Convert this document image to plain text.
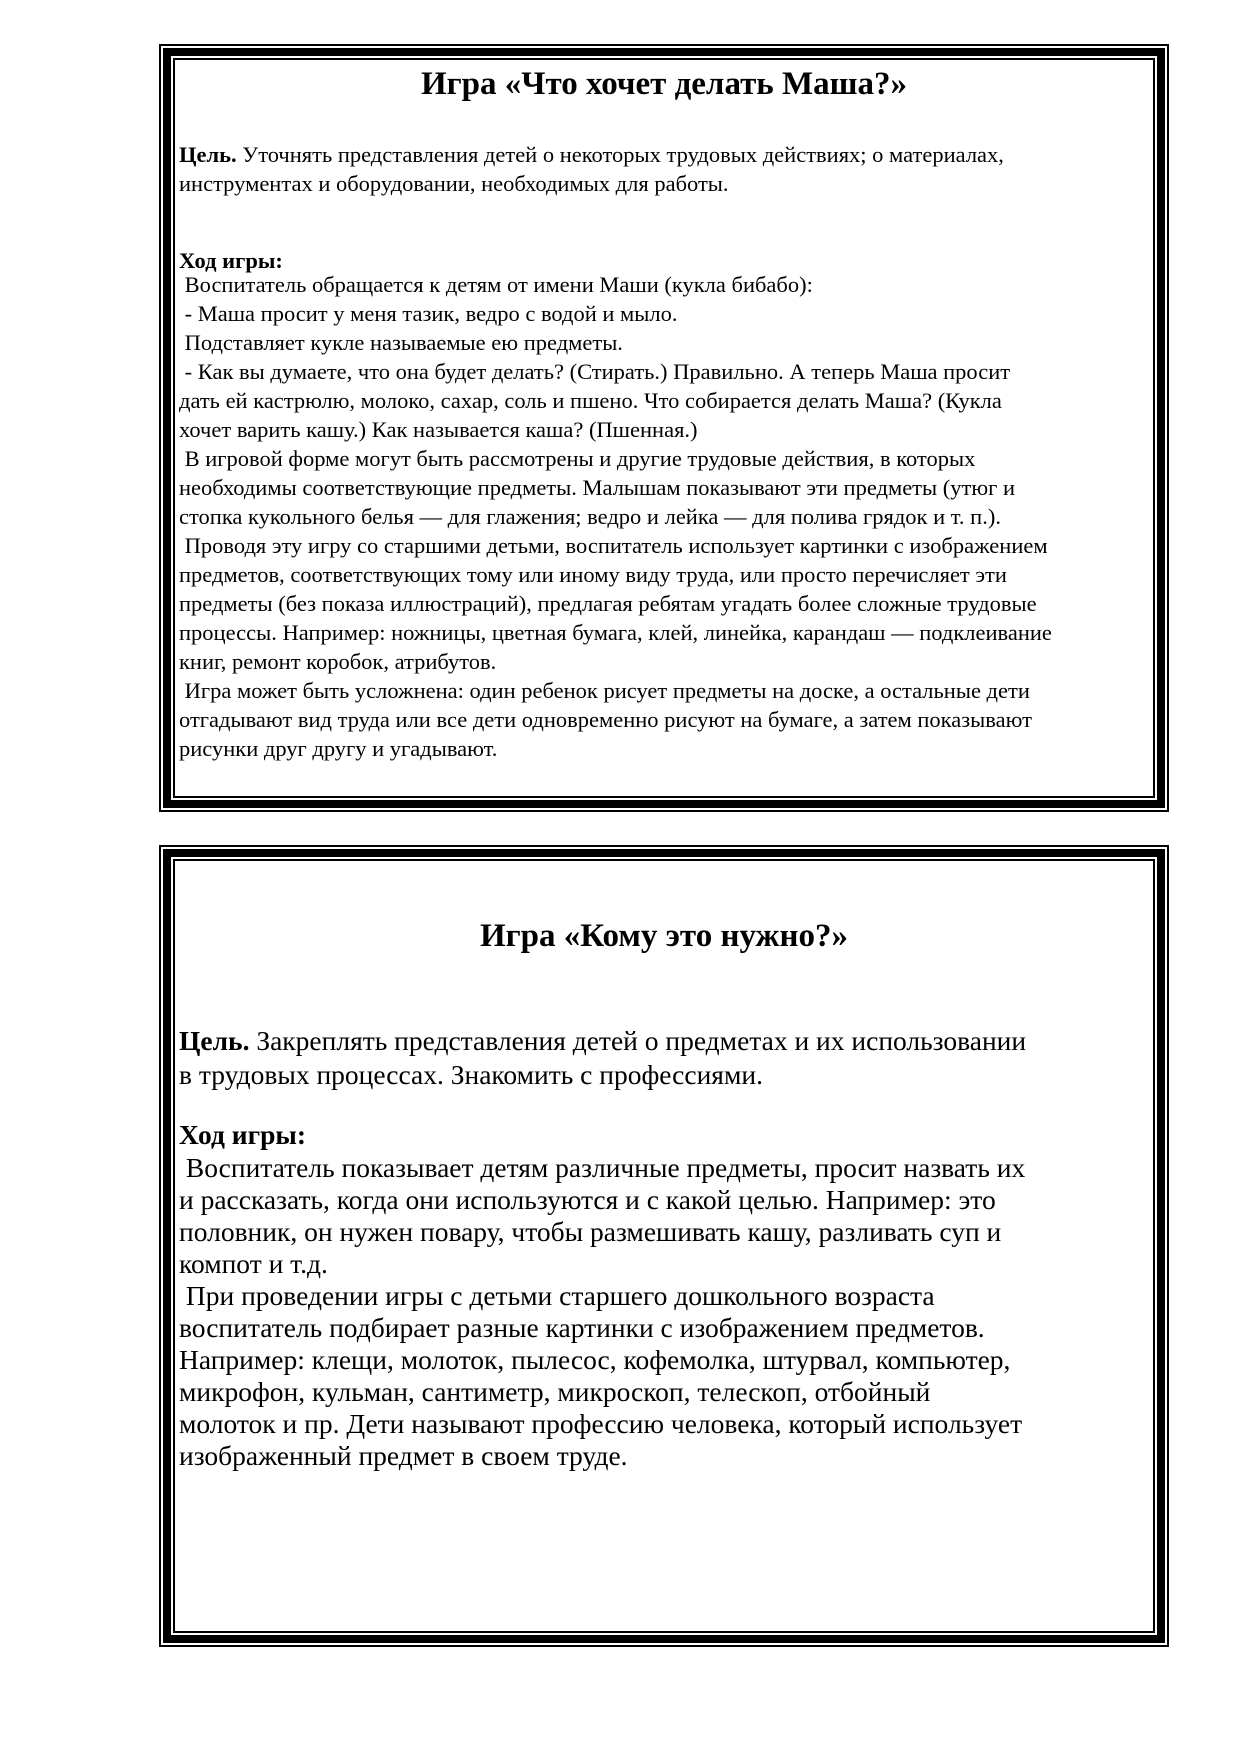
Игра «Что хочет делать Маша?»
Цель. Уточнять представления детей о некоторых трудовых действиях; о материалах,
инструментах и оборудовании, необходимых для работы.
Ход игры:
Воспитатель обращается к детям от имени Маши (кукла бибабо):
- Маша просит у меня тазик, ведро с водой и мыло.
Подставляет кукле называемые ею предметы.
- Как вы думаете, что она будет делать? (Стирать.) Правильно. А теперь Маша просит
дать ей кастрюлю, молоко, сахар, соль и пшено. Что собирается делать Маша? (Кукла
хочет варить кашу.) Как называется каша? (Пшенная.)
В игровой форме могут быть рассмотрены и другие трудовые действия, в которых
необходимы соответствующие предметы. Малышам показывают эти предметы (утюг и
стопка кукольного белья — для глажения; ведро и лейка — для полива грядок и т. п.).
Проводя эту игру со старшими детьми, воспитатель использует картинки с изображением
предметов, соответствующих тому или иному виду труда, или просто перечисляет эти
предметы (без показа иллюстраций), предлагая ребятам угадать более сложные трудовые
процессы. Например: ножницы, цветная бумага, клей, линейка, карандаш — подклеивание
книг, ремонт коробок, атрибутов.
Игра может быть усложнена: один ребенок рисует предметы на доске, а остальные дети
отгадывают вид труда или все дети одновременно рисуют на бумаге, а затем показывают
рисунки друг другу и угадывают.
Игра «Кому это нужно?»
Цель. Закреплять представления детей о предметах и их использовании
в трудовых процессах. Знакомить с профессиями.
Ход игры:
Воспитатель показывает детям различные предметы, просит назвать их
и рассказать, когда они используются и с какой целью. Например: это
половник, он нужен повару, чтобы размешивать кашу, разливать суп и
компот и т.д.
При проведении игры с детьми старшего дошкольного возраста
воспитатель подбирает разные картинки с изображением предметов.
Например: клещи, молоток, пылесос, кофемолка, штурвал, компьютер,
микрофон, кульман, сантиметр, микроскоп, телескоп, отбойный
молоток и пр. Дети называют профессию человека, который использует
изображенный предмет в своем труде.
